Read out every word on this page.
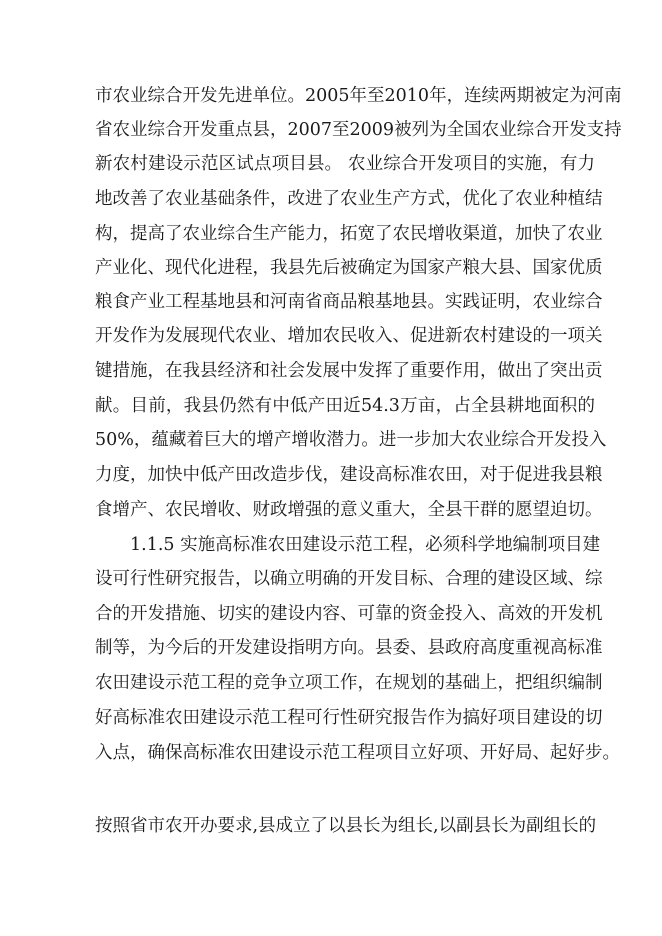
市农业综合开发先进单位。2005年至2010年，连续两期被定为河南
省农业综合开发重点县，2007至2009被列为全国农业综合开发支持
新农村建设示范区试点项目县。 农业综合开发项目的实施，有力
地改善了农业基础条件，改进了农业生产方式，优化了农业种植结
构，提高了农业综合生产能力，拓宽了农民增收渠道，加快了农业
产业化、现代化进程，我县先后被确定为国家产粮大县、国家优质
粮食产业工程基地县和河南省商品粮基地县。实践证明，农业综合
开发作为发展现代农业、增加农民收入、促进新农村建设的一项关
键措施，在我县经济和社会发展中发挥了重要作用，做出了突出贡
献。目前，我县仍然有中低产田近54.3万亩，占全县耕地面积的
50%，蕴藏着巨大的增产增收潜力。进一步加大农业综合开发投入
力度，加快中低产田改造步伐，建设高标准农田，对于促进我县粮
食增产、农民增收、财政增强的意义重大，全县干群的愿望迫切。
1.1.5 实施高标准农田建设示范工程，必须科学地编制项目建
设可行性研究报告，以确立明确的开发目标、合理的建设区域、综
合的开发措施、切实的建设内容、可靠的资金投入、高效的开发机
制等，为今后的开发建设指明方向。县委、县政府高度重视高标准
农田建设示范工程的竞争立项工作，在规划的基础上，把组织编制
好高标准农田建设示范工程可行性研究报告作为搞好项目建设的切
入点，确保高标准农田建设示范工程项目立好项、开好局、起好步。
按照省市农开办要求,县成立了以县长为组长,以副县长为副组长的
